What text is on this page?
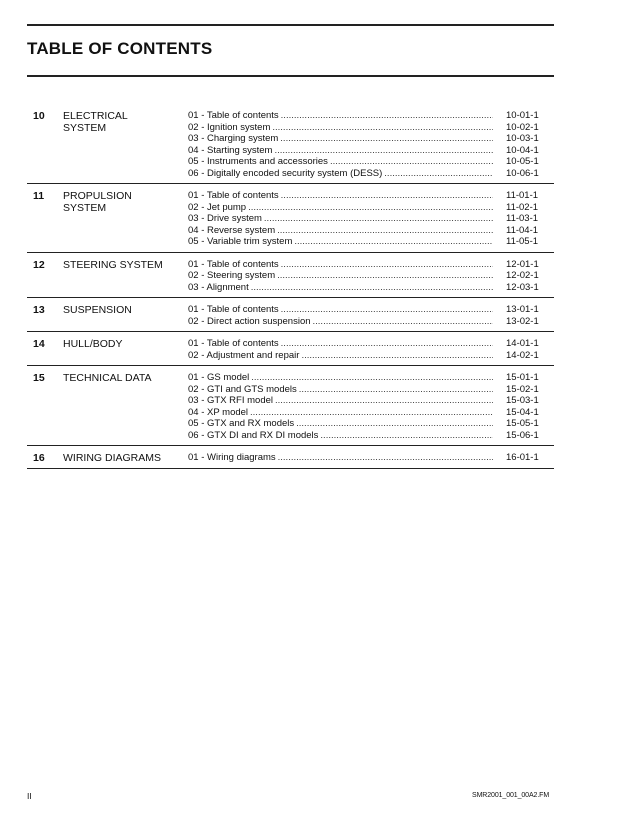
TABLE OF CONTENTS
10 ELECTRICAL
SYSTEM
01 - Table of contents .....	10-01-1
02 - Ignition system .....	10-02-1
03 - Charging system .....	10-03-1
04 - Starting system .....	10-04-1
05 - Instruments and accessories .....	10-05-1
06 - Digitally encoded security system (DESS) .....	10-06-1
11 PROPULSION
SYSTEM
01 - Table of contents .....	11-01-1
02 - Jet pump .....	11-02-1
03 - Drive system .....	11-03-1
04 - Reverse system .....	11-04-1
05 - Variable trim system .....	11-05-1
12 STEERING SYSTEM	01 - Table of contents .....	12-01-1
02 - Steering system .....	12-02-1
03 - Alignment .....	12-03-1
13 SUSPENSION	01 - Table of contents .....	13-01-1
02 - Direct action suspension .....	13-02-1
14 HULL/BODY	01 - Table of contents .....	14-01-1
02 - Adjustment and repair .....	14-02-1
15 TECHNICAL DATA	01 - GS model .....	15-01-1
02 - GTI and GTS models .....	15-02-1
03 - GTX RFI model .....	15-03-1
04 - XP model .....	15-04-1
05 - GTX and RX models .....	15-05-1
06 - GTX DI and RX DI models .....	15-06-1
16 WIRING DIAGRAMS	01 - Wiring diagrams .....	16-01-1
II	SMR2001_001_00A2.FM
